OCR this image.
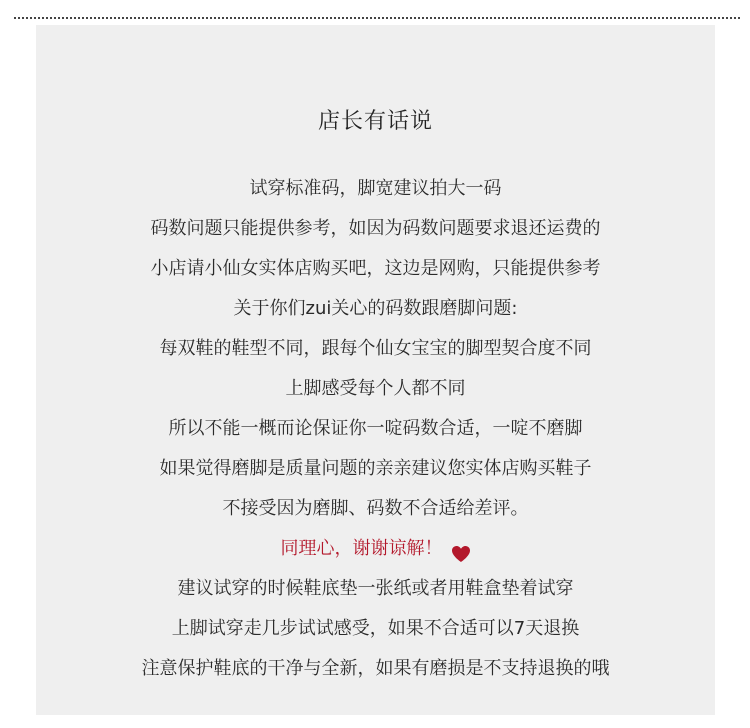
店长有话说
试穿标准码，脚宽建议拍大一码
码数问题只能提供参考，如因为码数问题要求退还运费的
小店请小仙女实体店购买吧，这边是网购，只能提供参考
关于你们zui关心的码数跟磨脚问题:
每双鞋的鞋型不同，跟每个仙女宝宝的脚型契合度不同
上脚感受每个人都不同
所以不能一概而论保证你一啶码数合适，一啶不磨脚
如果觉得磨脚是质量问题的亲亲建议您实体店购买鞋子
不接受因为磨脚、码数不合适给差评。
同理心，谢谢谅解！
建议试穿的时候鞋底垫一张纸或者用鞋盒垫着试穿
上脚试穿走几步试试感受，如果不合适可以7天退换
注意保护鞋底的干净与全新，如果有磨损是不支持退换的哦
